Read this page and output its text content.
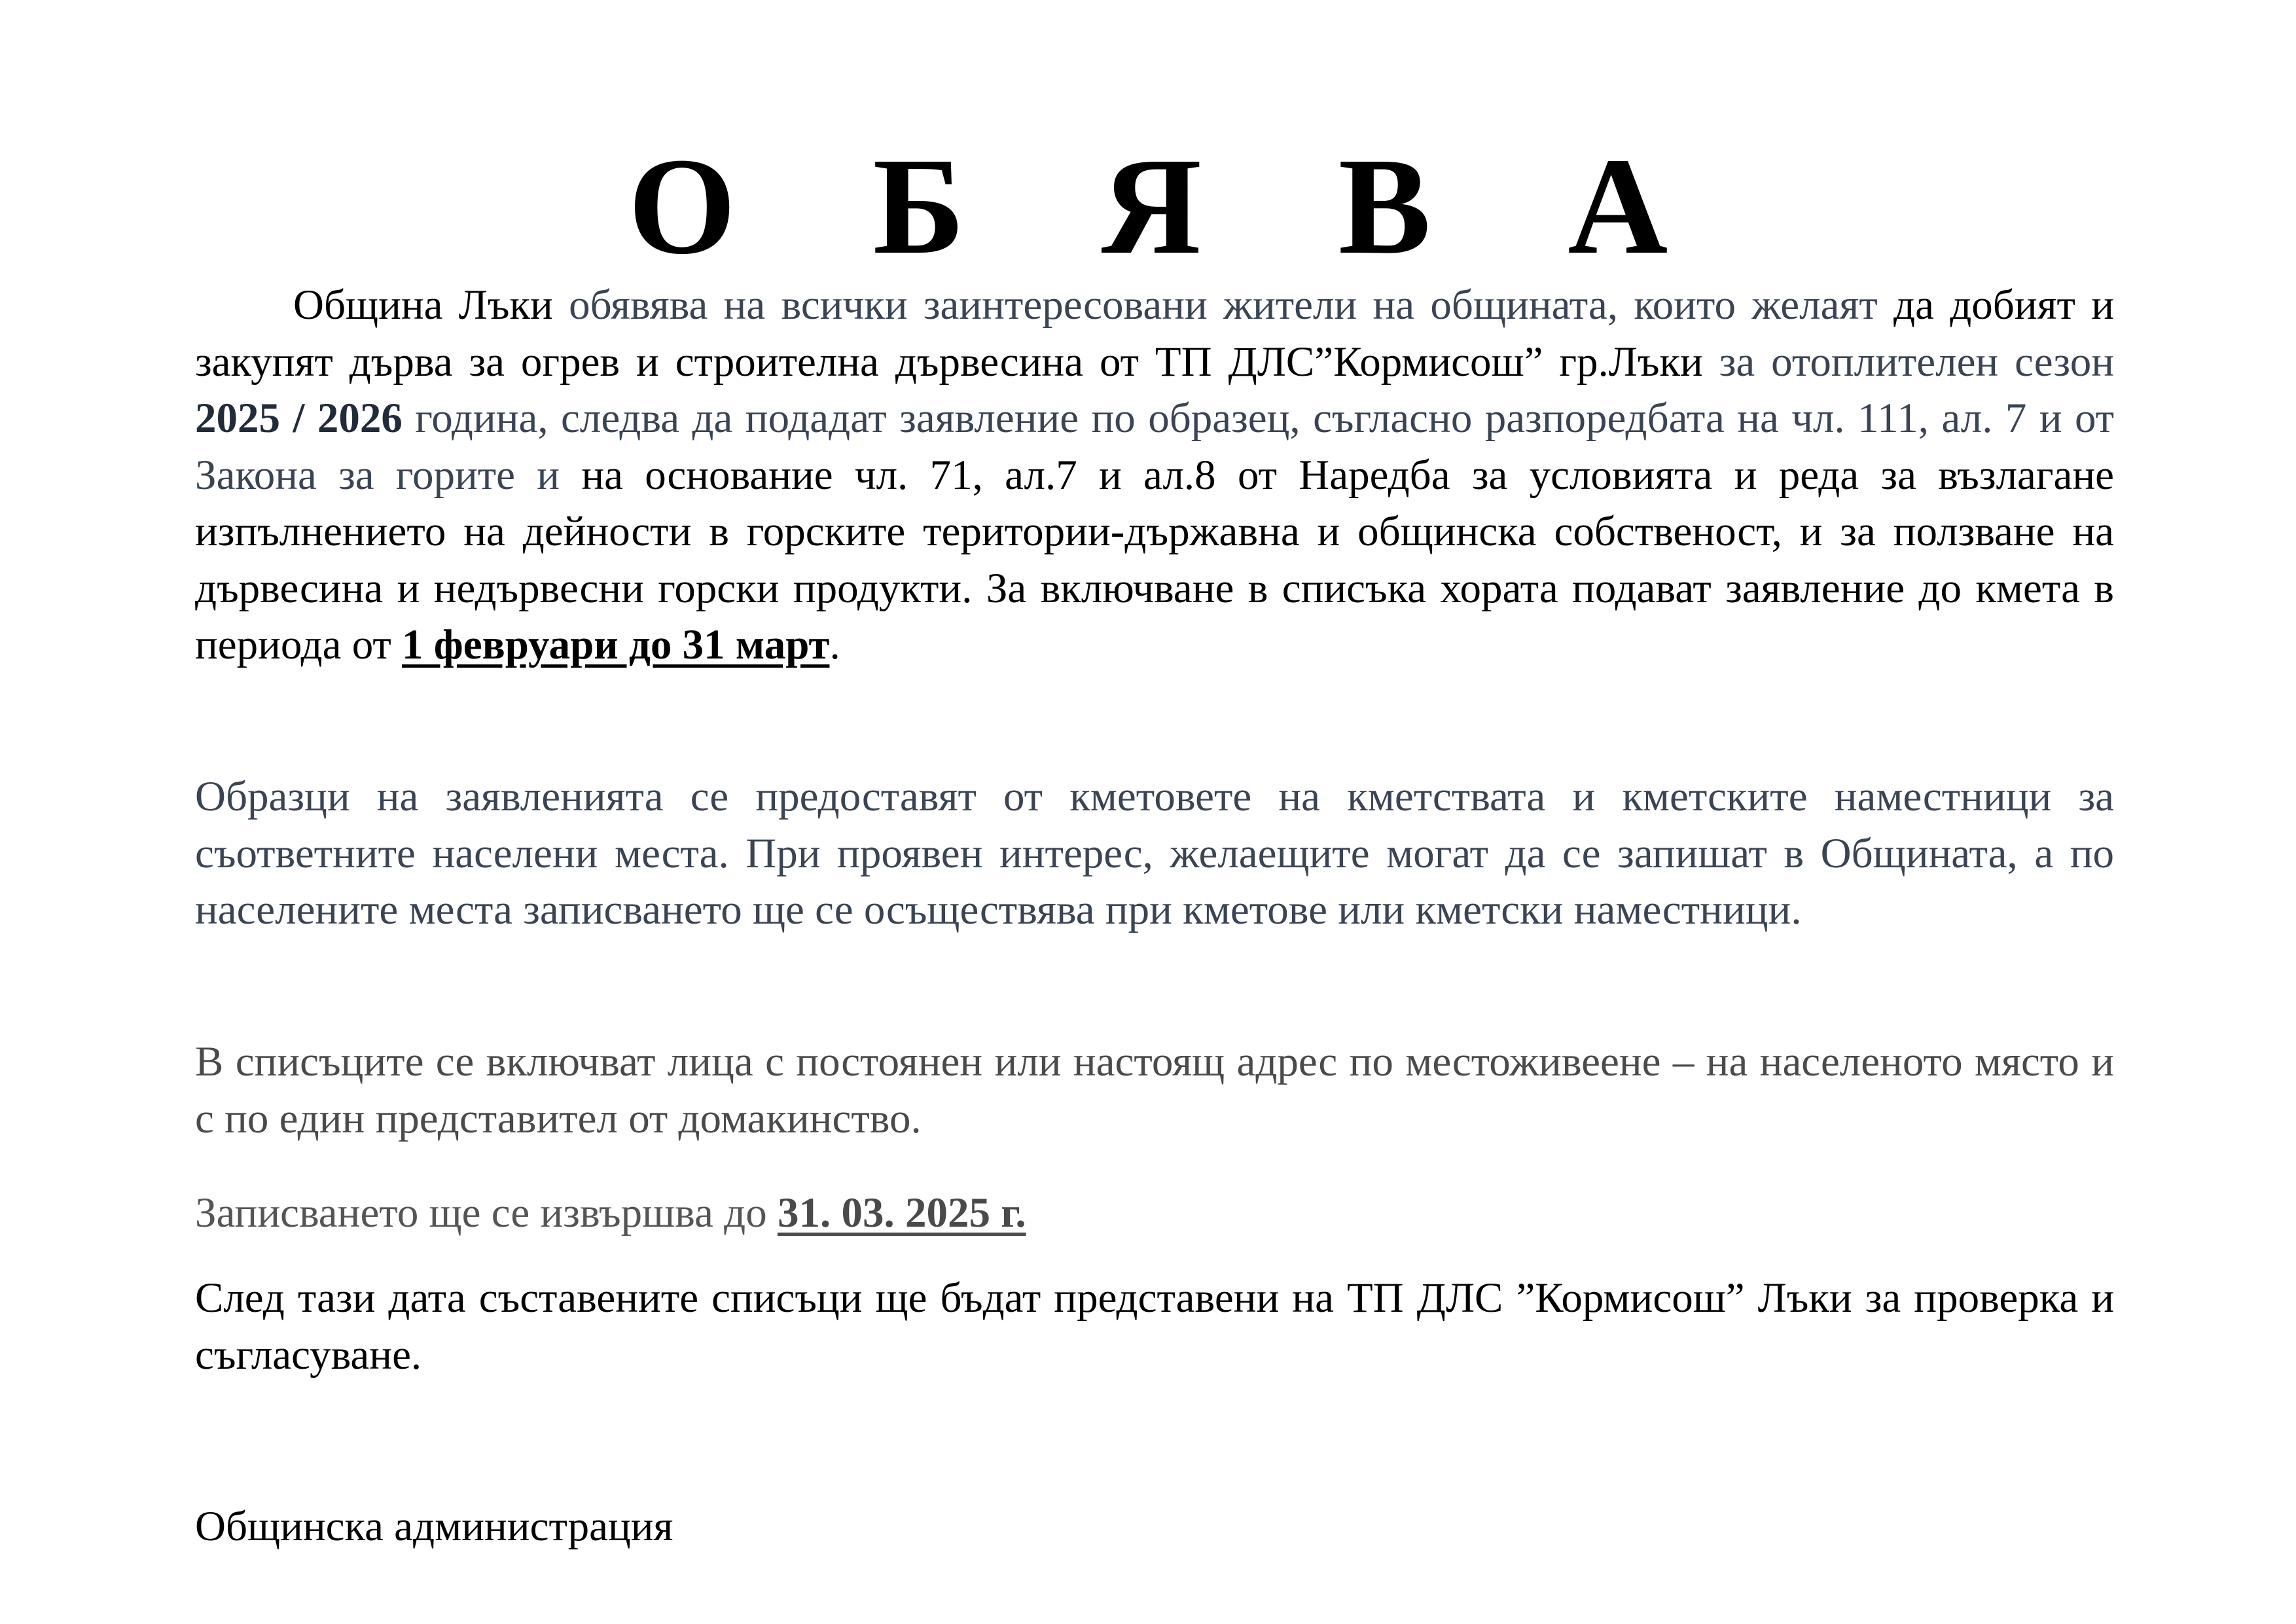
О Б Я В А

Община Лъки обявява на всички заинтересовани жители на общината, които желаят да добият и закупят дърва за огрев и строителна дървесина от ТП ДЛС”Кормисош” гр.Лъки за отоплителен сезон 2025 / 2026 година, следва да подадат заявление по образец, съгласно разпоредбата на чл. 111, ал. 7 и от Закона за горите и на основание чл. 71, ал.7 и ал.8 от Наредба за условията и реда за възлагане изпълнението на дейности в горските територии-държавна и общинска собственост, и за ползване на дървесина и недървесни горски продукти. За включване в списъка хората подават заявление до кмета в периода от 1 февруари до 31 март.

Образци на заявленията се предоставят от кметовете на кметствата и кметските наместници за съответните населени места. При проявен интерес, желаещите могат да се запишат в Общината, а по населените места записването ще се осъществява при кметове или кметски наместници.

В списъците се включват лица с постоянен или настоящ адрес по местоживеене – на населеното място и с по един представител от домакинство.

Записването ще се извършва до 31. 03. 2025 г.

След тази дата съставените списъци ще бъдат представени на ТП ДЛС ”Кормисош” Лъки за проверка и съгласуване.

Общинска администрация
